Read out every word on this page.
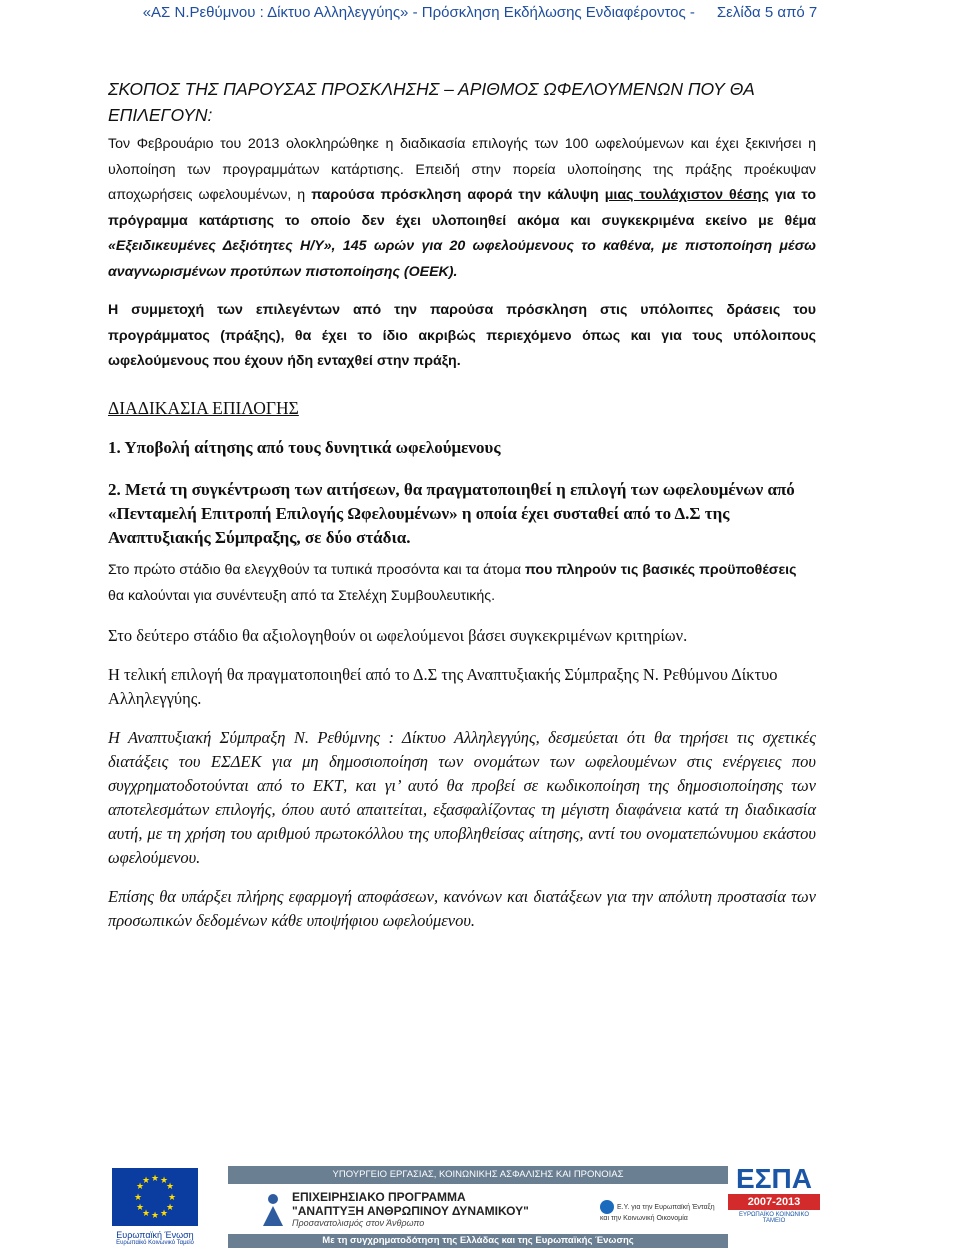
«ΑΣ Ν.Ρεθύμνου : Δίκτυο Αλληλεγγύης» - Πρόσκληση Εκδήλωσης Ενδιαφέροντος - Σελίδα 5 από 7
ΣΚΟΠΟΣ ΤΗΣ ΠΑΡΟΥΣΑΣ ΠΡΟΣΚΛΗΣΗΣ – ΑΡΙΘΜΟΣ ΩΦΕΛΟΥΜΕΝΩΝ ΠΟΥ ΘΑ ΕΠΙΛΕΓΟΥΝ:

Τον Φεβρουάριο του 2013 ολοκληρώθηκε η διαδικασία επιλογής των 100 ωφελούμενων και έχει ξεκινήσει η υλοποίηση των προγραμμάτων κατάρτισης. Επειδή στην πορεία υλοποίησης της πράξης προέκυψαν αποχωρήσεις ωφελουμένων, η παρούσα πρόσκληση αφορά την κάλυψη μιας τουλάχιστον θέσης για το πρόγραμμα κατάρτισης το οποίο δεν έχει υλοποιηθεί ακόμα και συγκεκριμένα εκείνο με θέμα «Εξειδικευμένες Δεξιότητες Η/Υ», 145 ωρών για 20 ωφελούμενους το καθένα, με πιστοποίηση μέσω αναγνωρισμένων προτύπων πιστοποίησης (ΟΕΕΚ).

Η συμμετοχή των επιλεγέντων από την παρούσα πρόσκληση στις υπόλοιπες δράσεις του προγράμματος (πράξης), θα έχει το ίδιο ακριβώς περιεχόμενο όπως και για τους υπόλοιπους ωφελούμενους που έχουν ήδη ενταχθεί στην πράξη.

ΔΙΑΔΙΚΑΣΙΑ ΕΠΙΛΟΓΗΣ
1. Υποβολή αίτησης από τους δυνητικά ωφελούμενους
2. Μετά τη συγκέντρωση των αιτήσεων, θα πραγματοποιηθεί η επιλογή των ωφελουμένων από «Πενταμελή Επιτροπή Επιλογής Ωφελουμένων» η οποία έχει συσταθεί από το Δ.Σ της Αναπτυξιακής Σύμπραξης, σε δύο στάδια.

Στο πρώτο στάδιο θα ελεγχθούν τα τυπικά προσόντα και τα άτομα που πληρούν τις βασικές προϋποθέσεις θα καλούνται για συνέντευξη από τα Στελέχη Συμβουλευτικής.

Στο δεύτερο στάδιο θα αξιολογηθούν οι ωφελούμενοι βάσει συγκεκριμένων κριτηρίων.

Η τελική επιλογή θα πραγματοποιηθεί από το Δ.Σ της Αναπτυξιακής Σύμπραξης Ν. Ρεθύμνου Δίκτυο Αλληλεγγύης.

Η Αναπτυξιακή Σύμπραξη Ν. Ρεθύμνης : Δίκτυο Αλληλεγγύης, δεσμεύεται ότι θα τηρήσει τις σχετικές διατάξεις του ΕΣΔΕΚ για μη δημοσιοποίηση των ονομάτων των ωφελουμένων στις ενέργειες που συγχρηματοδοτούνται από το ΕΚΤ, και γι’ αυτό θα προβεί σε κωδικοποίηση της δημοσιοποίησης των αποτελεσμάτων επιλογής, όπου αυτό απαιτείται, εξασφαλίζοντας τη μέγιστη διαφάνεια κατά τη διαδικασία αυτή, με τη χρήση του αριθμού πρωτοκόλλου της υποβληθείσας αίτησης, αντί του ονοματεπώνυμου εκάστου ωφελούμενου.

Επίσης θα υπάρξει πλήρης εφαρμογή αποφάσεων, κανόνων και διατάξεων για την απόλυτη προστασία των προσωπικών δεδομένων κάθε υποψήφιου ωφελούμενου.

★ ★
★
★
★
★
★
★
★
★
★
★
Ευρωπαϊκή Ένωση
Ευρωπαϊκό Κοινωνικό Ταμείο
ΥΠΟΥΡΓΕΙΟ ΕΡΓΑΣΙΑΣ, ΚΟΙΝΩΝΙΚΗΣ ΑΣΦΑΛΙΣΗΣ ΚΑΙ ΠΡΟΝΟΙΑΣ
ΕΠΙΧΕΙΡΗΣΙΑΚΟ ΠΡΟΓΡΑΜΜΑ
"ΑΝΑΠΤΥΞΗ ΑΝΘΡΩΠΙΝΟΥ ΔΥΝΑΜΙΚΟΥ"
Προσανατολισμός στον Άνθρωπο
Ε.Υ. για την Ευρωπαϊκή Ένταξη και την Κοινωνική Οικονομία
ΕΣΠΑ
2007-2013
ΕΥΡΩΠΑΪΚΟ ΚΟΙΝΩΝΙΚΟ ΤΑΜΕΙΟ
Με τη συγχρηματοδότηση της Ελλάδας και της Ευρωπαϊκής Ένωσης
